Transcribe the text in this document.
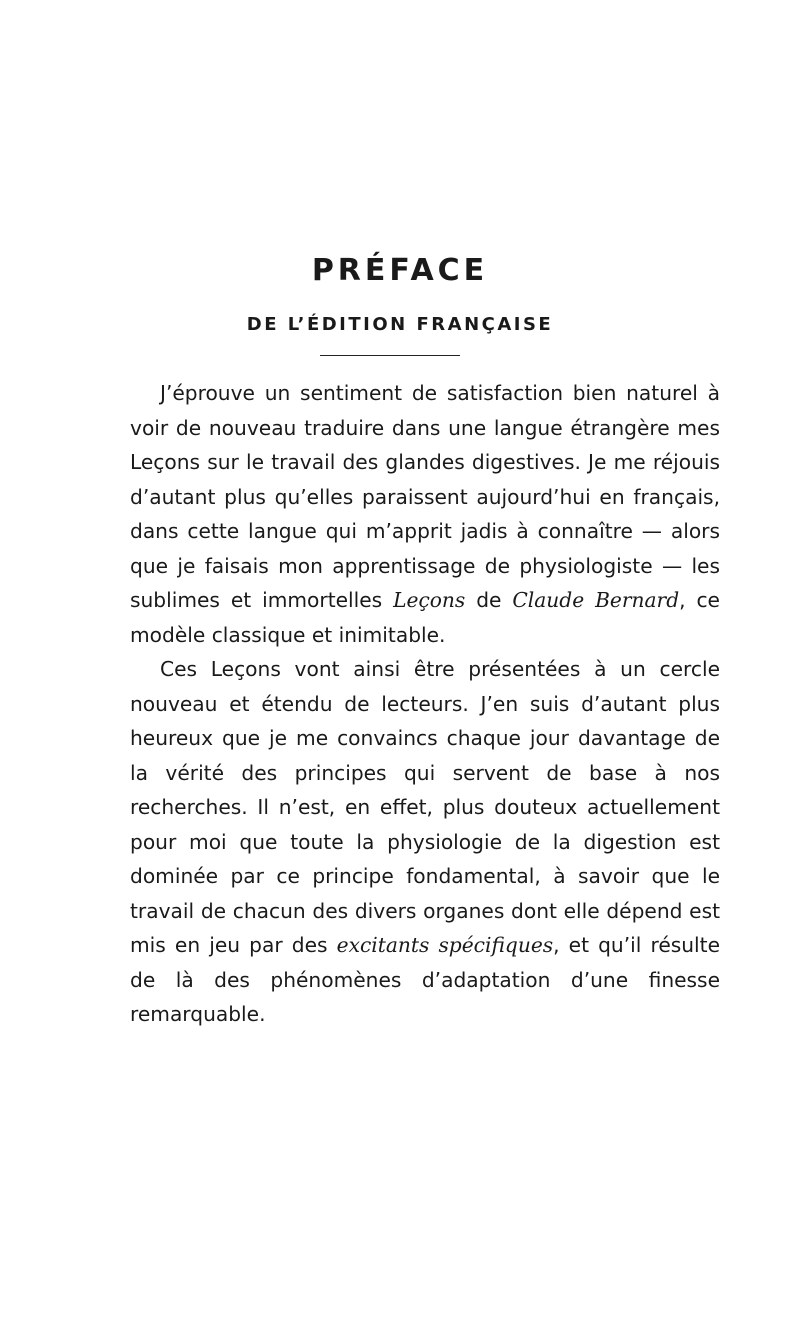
PRÉFACE
DE L’ÉDITION FRANÇAISE

J’éprouve un sentiment de satisfaction bien naturel à voir de nouveau traduire dans une langue étrangère mes Leçons sur le travail des glandes digestives. Je me réjouis d’autant plus qu’elles paraissent aujourd’hui en français, dans cette langue qui m’apprit jadis à connaître — alors que je faisais mon apprentissage de physiologiste — les sublimes et immortelles Leçons de Claude Bernard, ce modèle classique et inimitable.

Ces Leçons vont ainsi être présentées à un cercle nouveau et étendu de lecteurs. J’en suis d’autant plus heureux que je me convaincs chaque jour davantage de la vérité des principes qui servent de base à nos recherches. Il n’est, en effet, plus douteux actuellement pour moi que toute la physiologie de la digestion est dominée par ce principe fondamental, à savoir que le travail de chacun des divers organes dont elle dépend est mis en jeu par des excitants spécifiques, et qu’il résulte de là des phénomènes d’adaptation d’une finesse remarquable.
